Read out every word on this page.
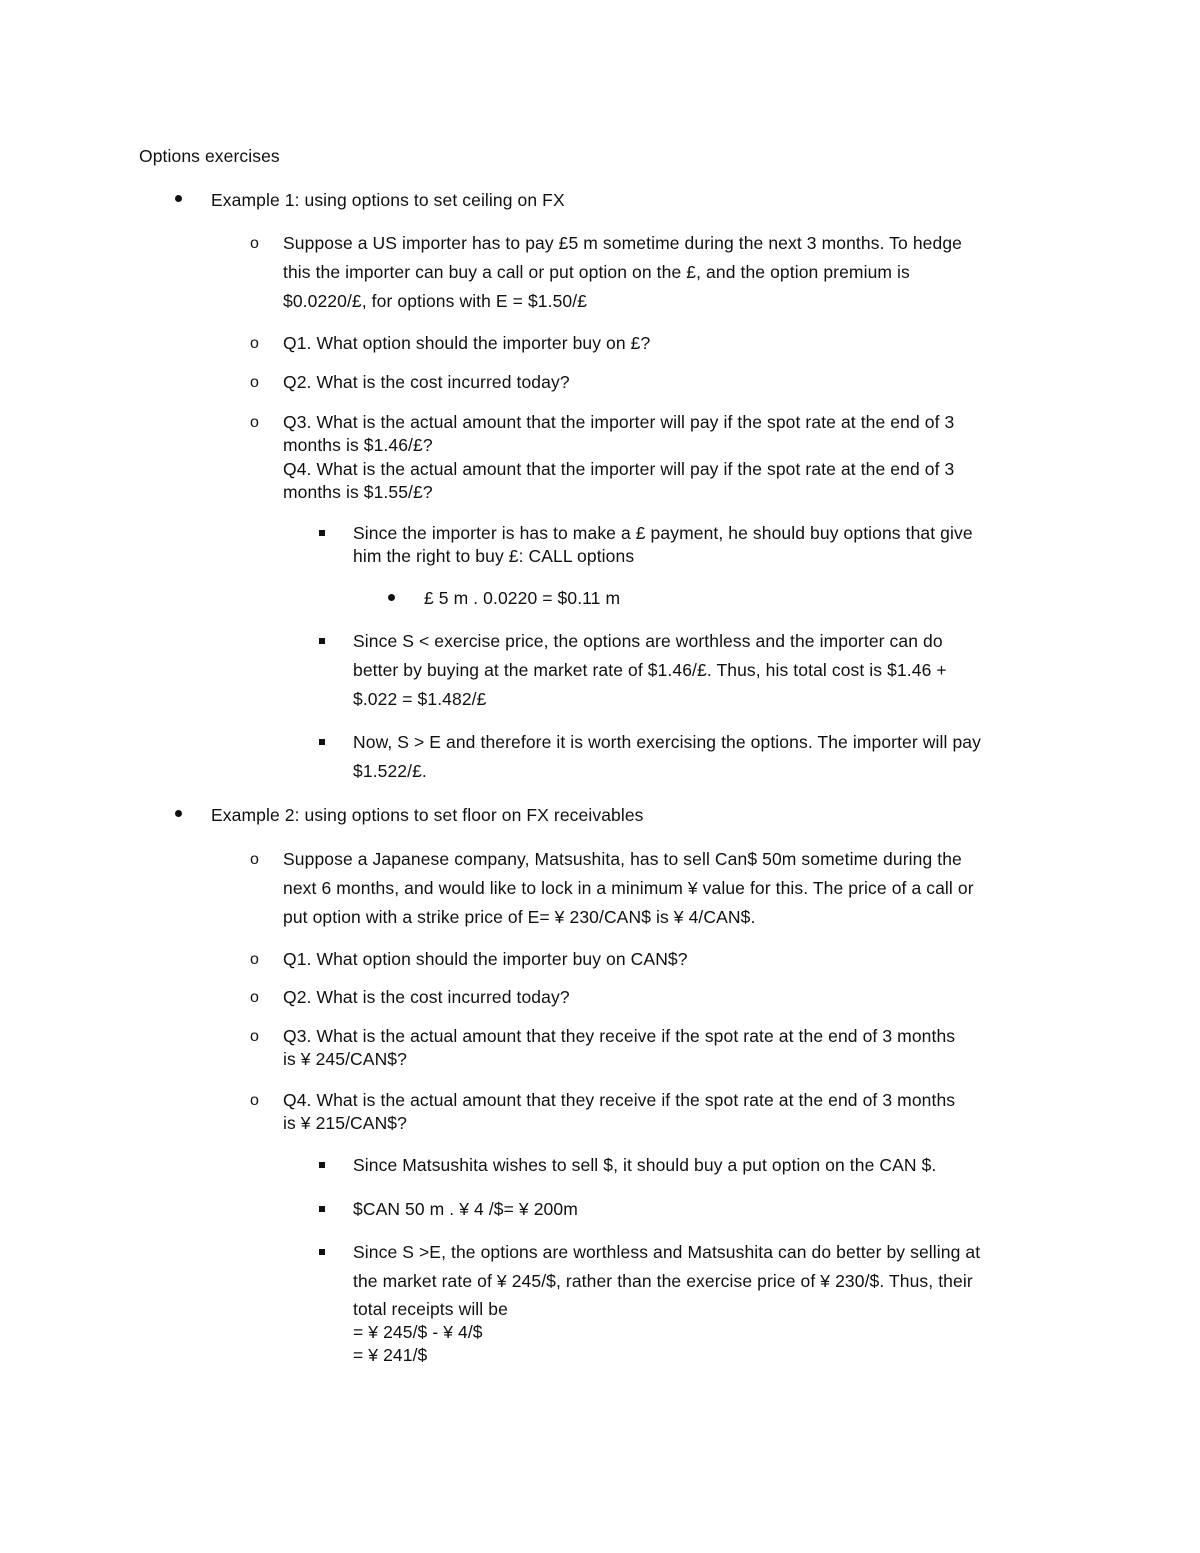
Options exercises
Example 1: using options to set ceiling on FX
o Suppose a US importer has to pay £5 m sometime during the next 3 months. To hedge
this the importer can buy a call or put option on the £, and the option premium is
$0.0220/£, for options with E = $1.50/£
o Q1. What option should the importer buy on £?
o Q2. What is the cost incurred today?
o Q3. What is the actual amount that the importer will pay if the spot rate at the end of 3
months is $1.46/£?
Q4. What is the actual amount that the importer will pay if the spot rate at the end of 3
months is $1.55/£?
Since the importer is has to make a £ payment, he should buy options that give
him the right to buy £: CALL options
£ 5 m . 0.0220 = $0.11 m
Since S < exercise price, the options are worthless and the importer can do
better by buying at the market rate of $1.46/£. Thus, his total cost is $1.46 +
$.022 = $1.482/£
Now, S > E and therefore it is worth exercising the options. The importer will pay
$1.522/£.
Example 2: using options to set floor on FX receivables
o Suppose a Japanese company, Matsushita, has to sell Can$ 50m sometime during the
next 6 months, and would like to lock in a minimum ¥ value for this. The price of a call or
put option with a strike price of E= ¥ 230/CAN$ is ¥ 4/CAN$.
o Q1. What option should the importer buy on CAN$?
o Q2. What is the cost incurred today?
o Q3. What is the actual amount that they receive if the spot rate at the end of 3 months
is ¥ 245/CAN$?
o Q4. What is the actual amount that they receive if the spot rate at the end of 3 months
is ¥ 215/CAN$?
Since Matsushita wishes to sell $, it should buy a put option on the CAN $.
$CAN 50 m . ¥ 4 /$= ¥ 200m
Since S >E, the options are worthless and Matsushita can do better by selling at
the market rate of ¥ 245/$, rather than the exercise price of ¥ 230/$. Thus, their
total receipts will be
= ¥ 245/$ - ¥ 4/$
= ¥ 241/$
